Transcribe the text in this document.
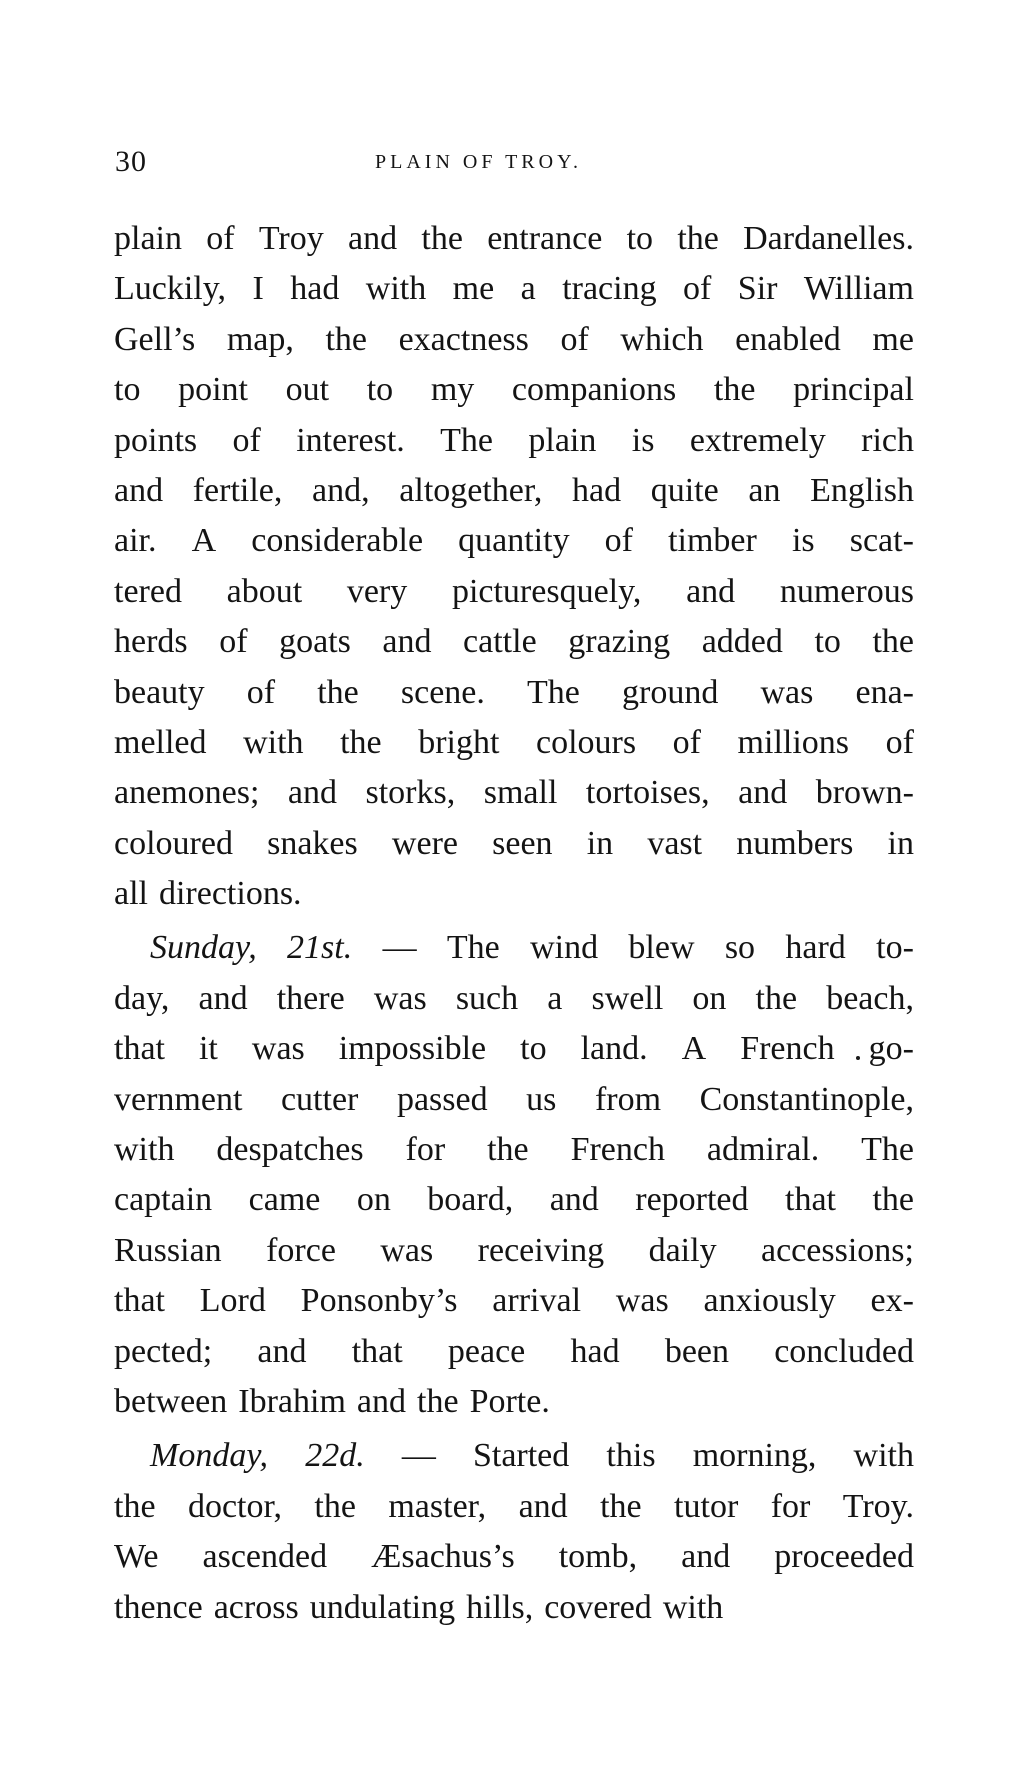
30	PLAIN OF TROY.
plain of Troy and the entrance to the Dardanelles.
Luckily, I had with me a tracing of Sir William
Gell’s map, the exactness of which enabled me
to point out to my companions the principal
points of interest. The plain is extremely rich
and fertile, and, altogether, had quite an English
air. A considerable quantity of timber is scat-
tered about very picturesquely, and numerous
herds of goats and cattle grazing added to the
beauty of the scene. The ground was ena-
melled with the bright colours of millions of
anemones; and storks, small tortoises, and brown-
coloured snakes were seen in vast numbers in
all directions.
Sunday, 21st. — The wind blew so hard to-
day, and there was such a swell on the beach,
that it was impossible to land. A French go-
vernment cutter passed us from Constantinople,
with despatches for the French admiral. The
captain came on board, and reported that the
Russian force was receiving daily accessions;
that Lord Ponsonby’s arrival was anxiously ex-
pected; and that peace had been concluded
between Ibrahim and the Porte.
Monday, 22d. — Started this morning, with
the doctor, the master, and the tutor for Troy.
We ascended Æsachus’s tomb, and proceeded
thence across undulating hills, covered with
